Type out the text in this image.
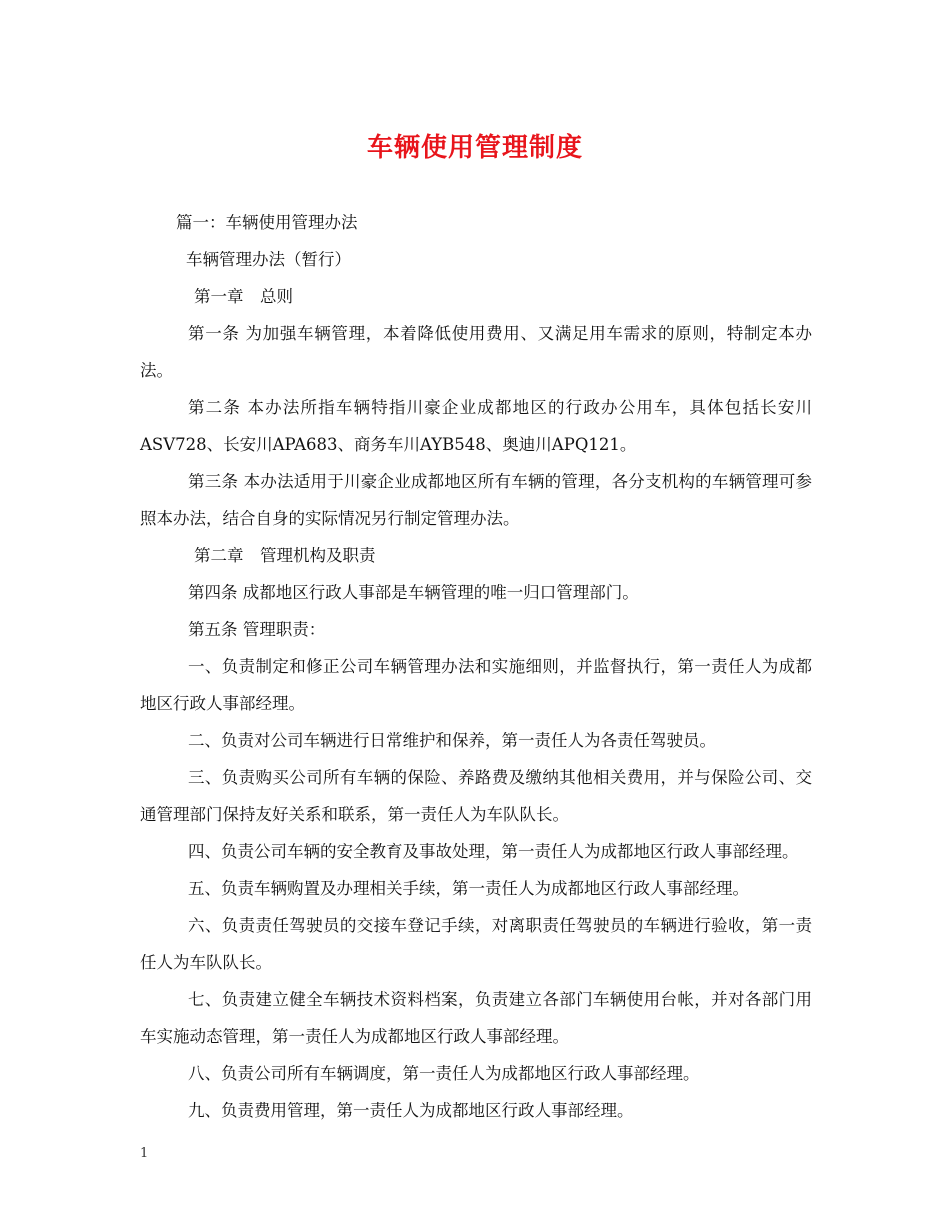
车辆使用管理制度

篇一：车辆使用管理办法

车辆管理办法（暂行）

第一章　总则

第一条 为加强车辆管理，本着降低使用费用、又满足用车需求的原则，特制定本办法。

第二条 本办法所指车辆特指川豪企业成都地区的行政办公用车，具体包括长安川ASV728、长安川APA683、商务车川AYB548、奥迪川APQ121。

第三条 本办法适用于川豪企业成都地区所有车辆的管理，各分支机构的车辆管理可参照本办法，结合自身的实际情况另行制定管理办法。

第二章　管理机构及职责

第四条 成都地区行政人事部是车辆管理的唯一归口管理部门。

第五条 管理职责：

一、负责制定和修正公司车辆管理办法和实施细则，并监督执行，第一责任人为成都地区行政人事部经理。

二、负责对公司车辆进行日常维护和保养，第一责任人为各责任驾驶员。

三、负责购买公司所有车辆的保险、养路费及缴纳其他相关费用，并与保险公司、交通管理部门保持友好关系和联系，第一责任人为车队队长。

四、负责公司车辆的安全教育及事故处理，第一责任人为成都地区行政人事部经理。

五、负责车辆购置及办理相关手续，第一责任人为成都地区行政人事部经理。

六、负责责任驾驶员的交接车登记手续，对离职责任驾驶员的车辆进行验收，第一责任人为车队队长。

七、负责建立健全车辆技术资料档案，负责建立各部门车辆使用台帐，并对各部门用车实施动态管理，第一责任人为成都地区行政人事部经理。

八、负责公司所有车辆调度，第一责任人为成都地区行政人事部经理。

九、负责费用管理，第一责任人为成都地区行政人事部经理。

1
